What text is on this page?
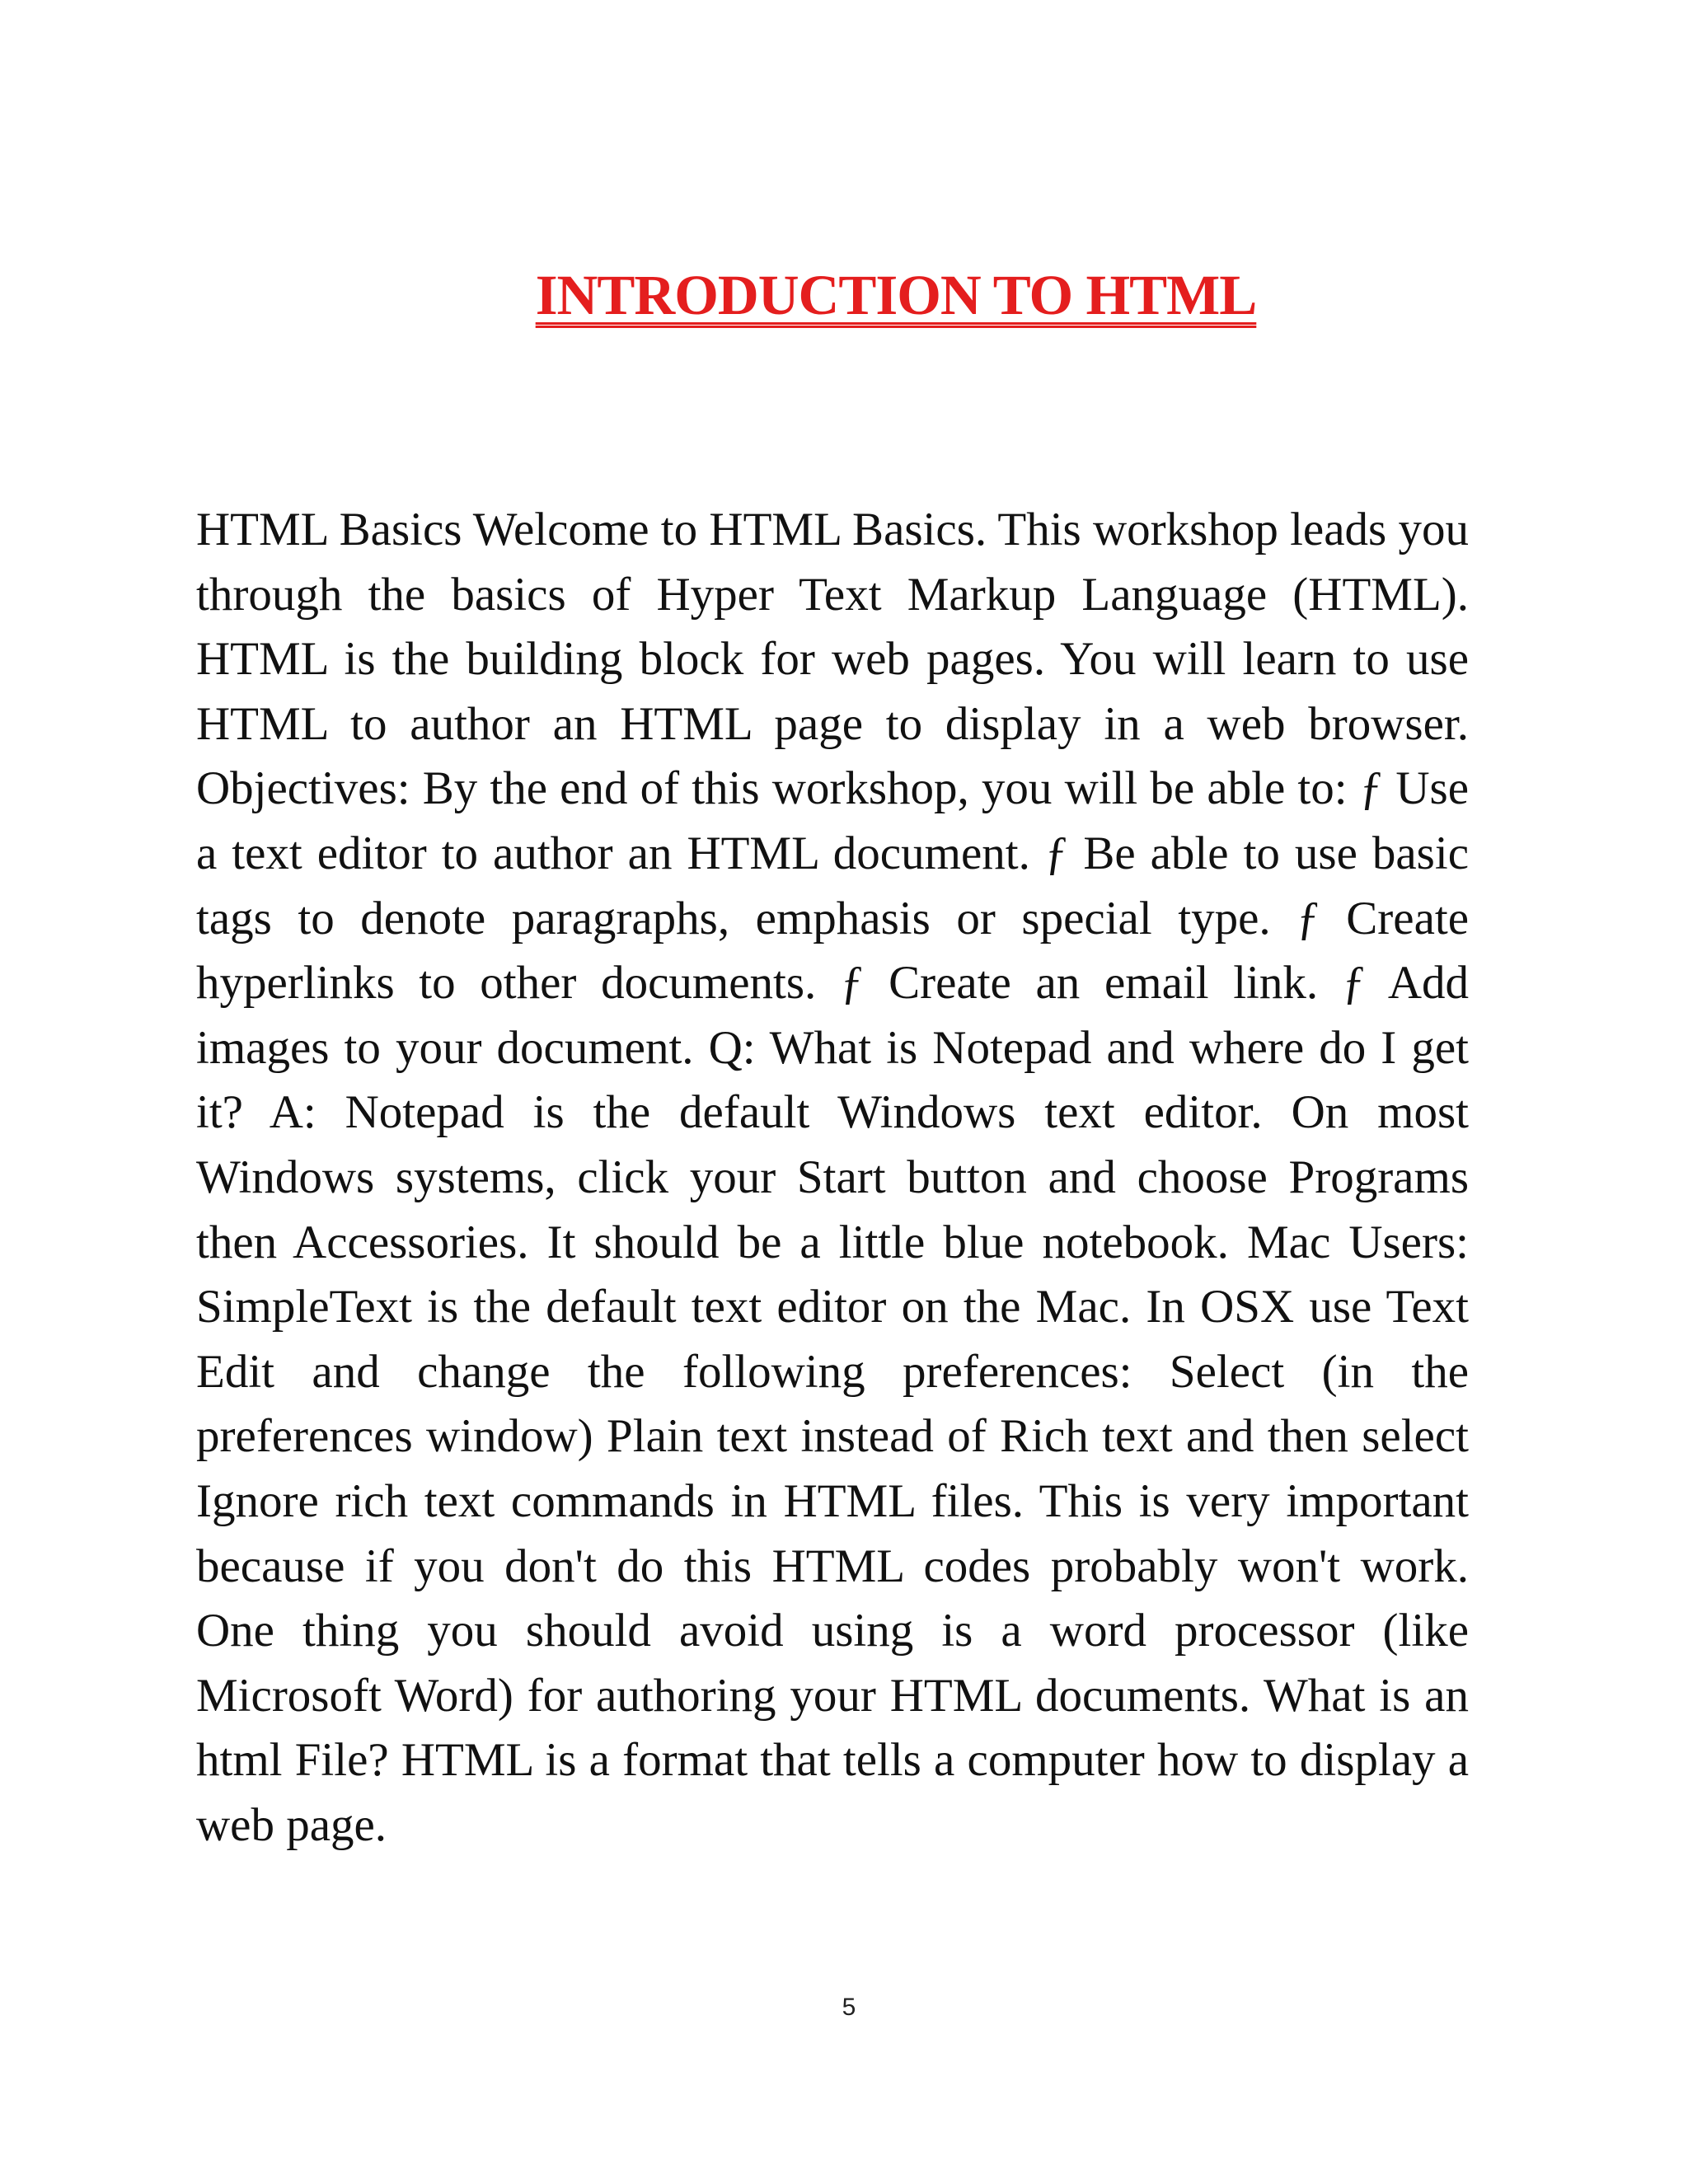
INTRODUCTION TO HTML

HTML Basics Welcome to HTML Basics. This workshop leads you through the basics of Hyper Text Markup Language (HTML). HTML is the building block for web pages. You will learn to use HTML to author an HTML page to display in a web browser. Objectives: By the end of this workshop, you will be able to: ƒ Use a text editor to author an HTML document. ƒ Be able to use basic tags to denote paragraphs, emphasis or special type. ƒ Create hyperlinks to other documents. ƒ Create an email link. ƒ Add images to your document. Q: What is Notepad and where do I get it? A: Notepad is the default Windows text editor. On most Windows systems, click your Start button and choose Programs then Accessories. It should be a little blue notebook. Mac Users: SimpleText is the default text editor on the Mac. In OSX use Text Edit and change the following preferences: Select (in the preferences window) Plain text instead of Rich text and then select Ignore rich text commands in HTML files. This is very important because if you don't do this HTML codes probably won't work. One thing you should avoid using is a word processor (like Microsoft Word) for authoring your HTML documents. What is an html File? HTML is a format that tells a computer how to display a web page.

5
